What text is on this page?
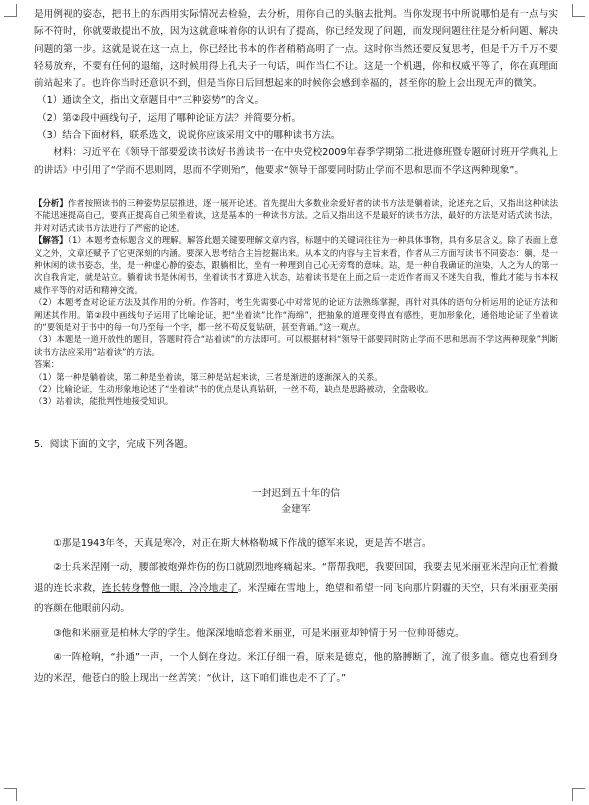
是用例视的姿态，把书上的东西用实际情况去检验，去分析，用你自己的头脑去批判。当你发现书中所说哪怕是有一点与实际不符时，你就要敢提出不放，因为这就意味着你的认识有了提高，你已经发现了问题，而发现问题往往是分析问题、解决问题的第一步。这就是说在这一点上，你已经比书本的作者稍稍高明了一点。这时你当然还要反复思考，但是千万千万不要轻易放弃，不要有任何的退缩，这时候用得上孔夫子一句话，叫作当仁不让。这是一个机遇，你和权威平等了，你在真理面前站起来了。也许你当时还意识不到，但是当你日后回想起来的时候你会感到幸福的，甚至你的脸上会出现无声的微笑。

（1）通读全文，指出文章题目中“三种姿势”的含义。

（2）第②段中画线句子，运用了哪种论证方法？并简要分析。

（3）结合下面材料，联系选文，说说你应该采用文中的哪种读书方法。

材料：习近平在《领导干部要爱读书读好书善读书一在中央党校2009年春季学期第二批进修班暨专题研讨班开学典礼上的讲话》中引用了“学而不思则罔，思而不学则殆”，他要求“领导干部要同时防止学而不思和思而不学这两种现象”。

【分析】作者按照读书的三种姿势层层推进，逐一展开论述。首先提出大多数业余爱好者的读书方法是躺着读，论述充之后，又指出这种读法不能迅速提高自己，要真正提高自己须坐着读，这是基本的一种读书方法。之后又指出这不是最好的读书方法，最好的方法是对话式读书法，并对对话式读书方法进行了严密的论述。

【解答】（1）本题考查标题含义的理解。解答此题关键要理解文章内容，标题中的关键词往往为一种具体事物，具有多层含义。除了表面上意义之外，文章还赋予了它更深刻的内涵。要深入思考结合主旨挖掘出来。从本文的内容与主旨来看，作者从三方面写读书不同姿态：躺，是一种休闲的读书姿态，坐，是一种虚心静的姿态，跟躺相比，坐有一种理到自己心无旁骛的意味。站，是一种自我确证的渲染，人之为人的第一次自我肯定，就是站立。躺着读书是休闲书，坐着读书才算进入状态，站着读书是在上面之后一走近作者而又不迷失自我，惟此才能与书本权威作平等的对话和精神交流。

（2）本题考查对论证方法及其作用的分析。作答时，考生先需要心中对常见的论证方法熟练掌握，再针对具体的语句分析运用的论证方法和阐述其作用。第②段中画线句子运用了比喻论证，把“坐着读”比作“海绵”，把抽象的道理变得直有感性，更加形象化，通俗地论证了坐着读的“要领是对于书中的每一句乃至每一个字，都一丝不苟反复钻研，甚至背诵。”这一观点。

（3）本题是一道开放性的题目，答题时符合“站着读”的方法即可。可以根据材料“领导干部要同时防止学而不思和思而不学这两种现象”判断读书方法应采用“站着读”的方法。

答案：

（1）第一种是躺着读，第二种是坐着读，第三种是站起来读，三者是渐进的逐渐深入的关系。

（2）比喻论证，生动形象地论述了“坐着读”书的优点是认真钻研，一丝不苟，缺点是思路被动，全盘吸收。

（3）站着读，能批判性地接受知识。

5．阅读下面的文字，完成下列各题。

一封迟到五十年的信

金建军

①那是1943年冬，天真是寒冷，对正在斯大林格勒城下作战的德军来说，更是苦不堪言。

②士兵米涅刚一动，腰部被炮弹炸伤的伤口就剧烈地疼痛起来。“帮帮我吧，我要回国，我要去见米丽亚米涅向正忙着撤退的连长求救，连长转身瞥他一眼，冷冷地走了。米涅瘫在雪地上，绝望和希望一同飞向那片阴霾的天空，只有米丽亚美丽的容颜在他眼前闪动。

③他和米丽亚是柏林大学的学生。他深深地暗恋着米丽亚，可是米丽亚却钟情于另一位帅哥德克。

④一阵枪响，“扑通”一声，一个人倒在身边。米江仔细一看，原来是德克，他的胳膊断了，流了很多血。德克也看到身边的米涅，他苍白的脸上现出一丝苦笑：“伙计，这下咱们谁也走不了了。”
